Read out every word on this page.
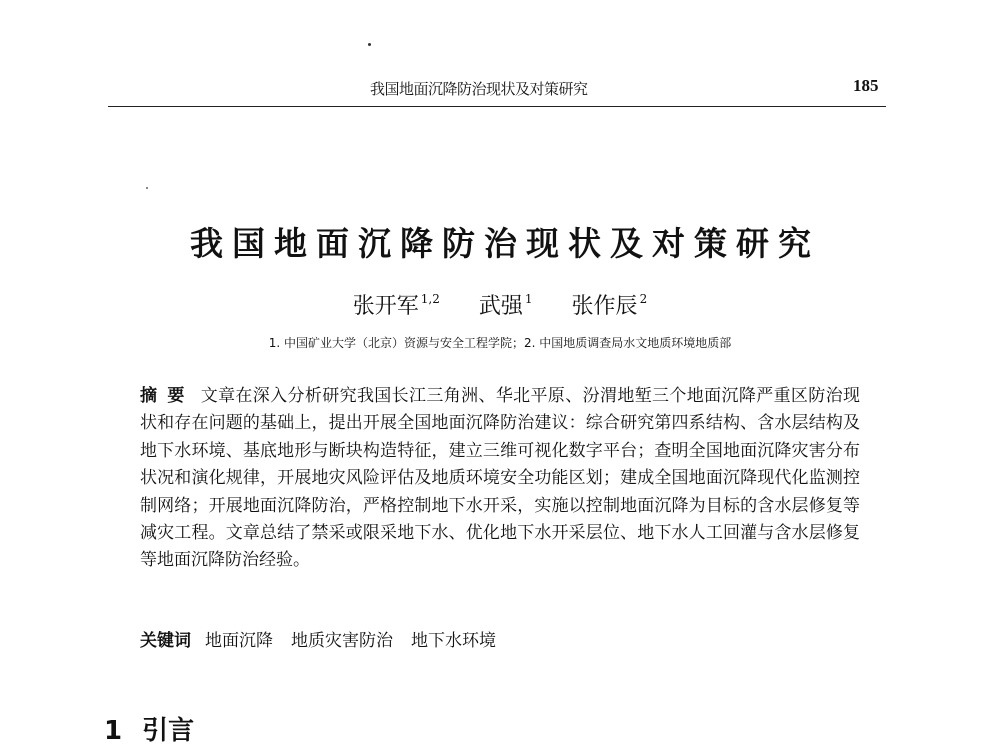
我国地面沉降防治现状及对策研究	185
我国地面沉降防治现状及对策研究
张开军 $^{1,2}$ 武强 $^1$ 张作辰 $^2$
1. 中国矿业大学（北京）资源与安全工程学院；2. 中国地质调查局水文地质环境地质部
摘要 文章在深入分析研究我国长江三角洲、华北平原、汾渭地堑三个地面沉降严重区防治现状和存在问题的基础上，提出开展全国地面沉降防治建议：综合研究第四系结构、含水层结构及地下水环境、基底地形与断块构造特征，建立三维可视化数字平台；查明全国地面沉降灾害分布状况和演化规律，开展地灾风险评估及地质环境安全功能区划；建成全国地面沉降现代化监测控制网络；开展地面沉降防治，严格控制地下水开采，实施以控制地面沉降为目标的含水层修复等减灾工程。文章总结了禁采或限采地下水、优化地下水开采层位、地下水人工回灌与含水层修复等地面沉降防治经验。
关键词 地面沉降 地质灾害防治 地下水环境
1 引言
